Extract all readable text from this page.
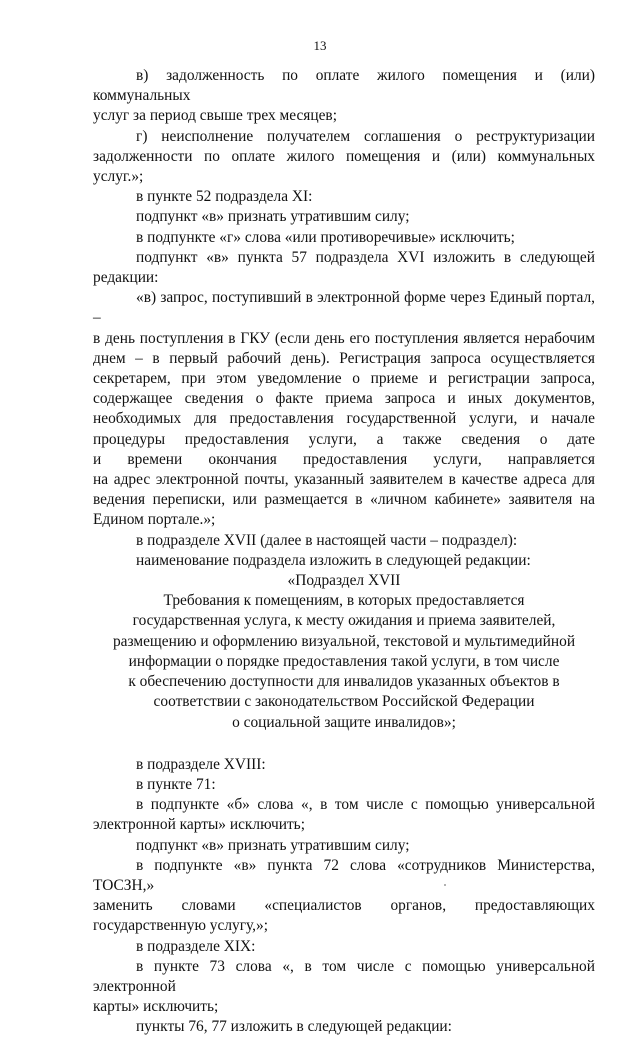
13

в) задолженность по оплате жилого помещения и (или) коммунальных

услуг за период свыше трех месяцев;

г) неисполнение получателем соглашения о реструктуризации

задолженности по оплате жилого помещения и (или) коммунальных услуг.»;

в пункте 52 подраздела XI:

подпункт «в» признать утратившим силу;

в подпункте «г» слова «или противоречивые» исключить;

подпункт «в» пункта 57 подраздела XVI изложить в следующей

редакции:

«в) запрос, поступивший в электронной форме через Единый портал, –

в день поступления в ГКУ (если день его поступления является нерабочим

днем – в первый рабочий день). Регистрация запроса осуществляется

секретарем, при этом уведомление о приеме и регистрации запроса,

содержащее сведения о факте приема запроса и иных документов,

необходимых для предоставления государственной услуги, и начале

процедуры предоставления услуги, а также сведения о дате

и времени окончания предоставления услуги, направляется

на адрес электронной почты, указанный заявителем в качестве адреса для

ведения переписки, или размещается в «личном кабинете» заявителя на

Едином портале.»;

в подразделе XVII (далее в настоящей части – подраздел):

наименование подраздела изложить в следующей редакции:

«Подраздел XVII

Требования к помещениям, в которых предоставляется

государственная услуга, к месту ожидания и приема заявителей,

размещению и оформлению визуальной, текстовой и мультимедийной

информации о порядке предоставления такой услуги, в том числе

к обеспечению доступности для инвалидов указанных объектов в

соответствии с законодательством Российской Федерации

о социальной защите инвалидов»;

в подразделе XVIII:

в пункте 71:

в подпункте «б» слова «, в том числе с помощью универсальной

электронной карты» исключить;

подпункт «в» признать утратившим силу;

в подпункте «в» пункта 72 слова «сотрудников Министерства, ТОСЗН,»

заменить словами «специалистов органов, предоставляющих

государственную услугу,»;

в подразделе XIX:

в пункте 73 слова «, в том числе с помощью универсальной электронной

карты» исключить;

пункты 76, 77 изложить в следующей редакции:
